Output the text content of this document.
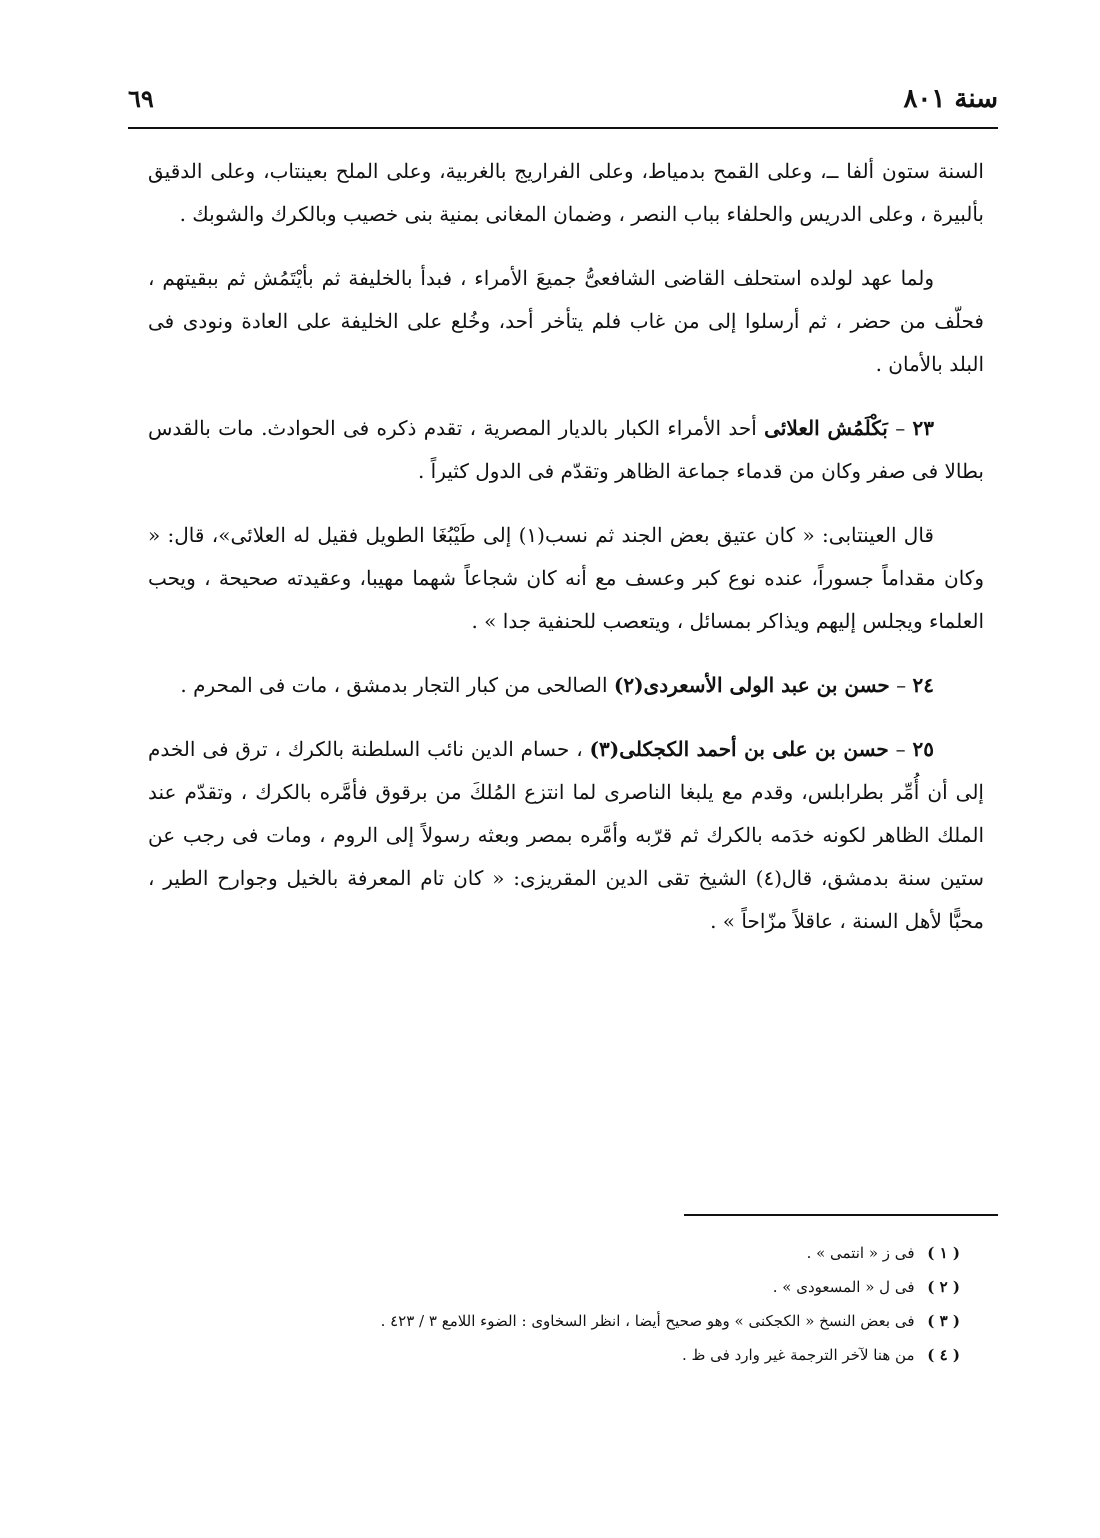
سنة ٨٠١
٦٩

السنة ستون ألفا ــ، وعلى القمح بدمياط، وعلى الفراريج بالغربية، وعلى الملح بعينتاب، وعلى الدقيق بألبيرة ، وعلى الدريس والحلفاء بباب النصر ، وضمان المغانى بمنية بنى خصيب وبالكرك والشوبك .

ولما عهد لولده استحلف القاضى الشافعىُّ جميعَ الأمراء ، فبدأ بالخليفة ثم بأيْتَمُش ثم ببقيتهم ، فحلّف من حضر ، ثم أرسلوا إلى من غاب فلم يتأخر أحد، وخُلع على الخليفة على العادة ونودى فى البلد بالأمان .

٢٣ – بَكْلَمُش العلائى أحد الأمراء الكبار بالديار المصرية ، تقدم ذكره فى الحوادث. مات بالقدس بطالا فى صفر وكان من قدماء جماعة الظاهر وتقدّم فى الدول كثيراً .

قال العينتابى: « كان عتيق بعض الجند ثم نسب(١) إلى طَيْبُغَا الطويل فقيل له العلائى»، قال: « وكان مقداماً جسوراً، عنده نوع كبر وعسف مع أنه كان شجاعاً شهما مهيبا، وعقيدته صحيحة ، ويحب العلماء ويجلس إليهم ويذاكر بمسائل ، ويتعصب للحنفية جدا » .

٢٤ – حسن بن عبد الولى الأسعردى(٢) الصالحى من كبار التجار بدمشق ، مات فى المحرم .

٢٥ – حسن بن على بن أحمد الكجكلى(٣) ، حسام الدين نائب السلطنة بالكرك ، ترق فى الخدم إلى أن أُمِّر بطرابلس، وقدم مع يلبغا الناصرى لما انتزع المُلكَ من برقوق فأمَّره بالكرك ، وتقدّم عند الملك الظاهر لكونه خدَمه بالكرك ثم قرّبه وأمَّره بمصر وبعثه رسولاً إلى الروم ، ومات فى رجب عن ستين سنة بدمشق، قال(٤) الشيخ تقى الدين المقريزى: « كان تام المعرفة بالخيل وجوارح الطير ، محبًّا لأهل السنة ، عاقلاً مزّاحاً » .

( ١ ) فى ز « انتمى » .

( ٢ ) فى ل « المسعودى » .

( ٣ ) فى بعض النسخ « الكجكنى » وهو صحيح أيضا ، انظر السخاوى : الضوء اللامع ٣ / ٤٢٣ .

( ٤ ) من هنا لآخر الترجمة غير وارد فى ظ .
